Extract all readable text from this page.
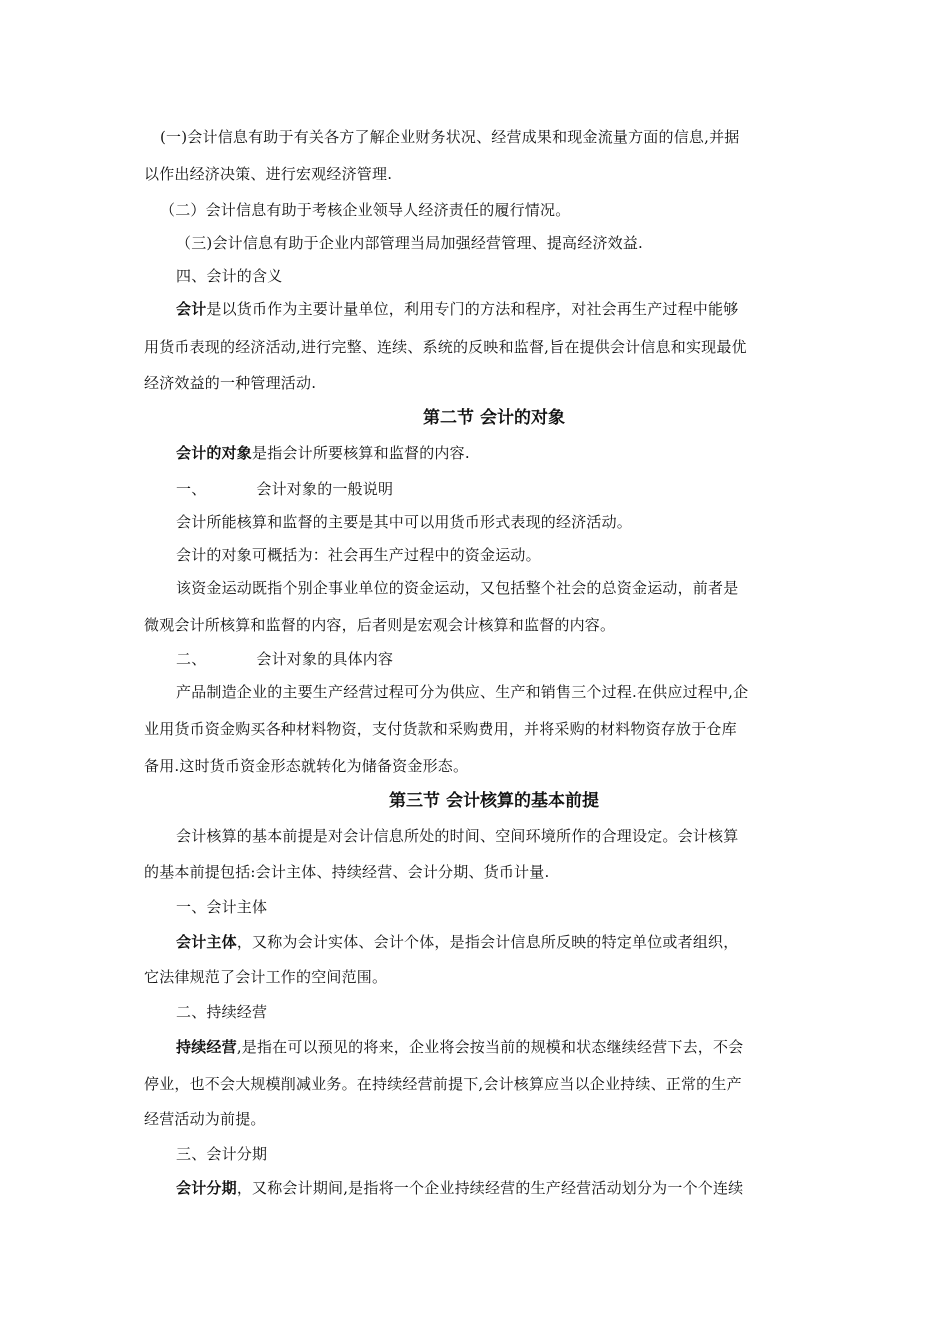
(一)会计信息有助于有关各方了解企业财务状况、经营成果和现金流量方面的信息,并据
以作出经济决策、进行宏观经济管理.
（二）会计信息有助于考核企业领导人经济责任的履行情况。
（三)会计信息有助于企业内部管理当局加强经营管理、提高经济效益.
四、会计的含义
会计是以货币作为主要计量单位，利用专门的方法和程序，对社会再生产过程中能够
用货币表现的经济活动,进行完整、连续、系统的反映和监督,旨在提供会计信息和实现最优
经济效益的一种管理活动.
第二节 会计的对象
会计的对象是指会计所要核算和监督的内容.
一、	会计对象的一般说明
会计所能核算和监督的主要是其中可以用货币形式表现的经济活动。
会计的对象可概括为：社会再生产过程中的资金运动。
该资金运动既指个别企事业单位的资金运动，又包括整个社会的总资金运动，前者是
微观会计所核算和监督的内容，后者则是宏观会计核算和监督的内容。
二、	会计对象的具体内容
产品制造企业的主要生产经营过程可分为供应、生产和销售三个过程.在供应过程中,企
业用货币资金购买各种材料物资，支付货款和采购费用，并将采购的材料物资存放于仓库
备用.这时货币资金形态就转化为储备资金形态。
第三节 会计核算的基本前提
会计核算的基本前提是对会计信息所处的时间、空间环境所作的合理设定。会计核算
的基本前提包括:会计主体、持续经营、会计分期、货币计量.
一、会计主体
会计主体，又称为会计实体、会计个体，是指会计信息所反映的特定单位或者组织，
它法律规范了会计工作的空间范围。
二、持续经营
持续经营,是指在可以预见的将来，企业将会按当前的规模和状态继续经营下去，不会
停业，也不会大规模削减业务。在持续经营前提下,会计核算应当以企业持续、正常的生产
经营活动为前提。
三、会计分期
会计分期，又称会计期间,是指将一个企业持续经营的生产经营活动划分为一个个连续
